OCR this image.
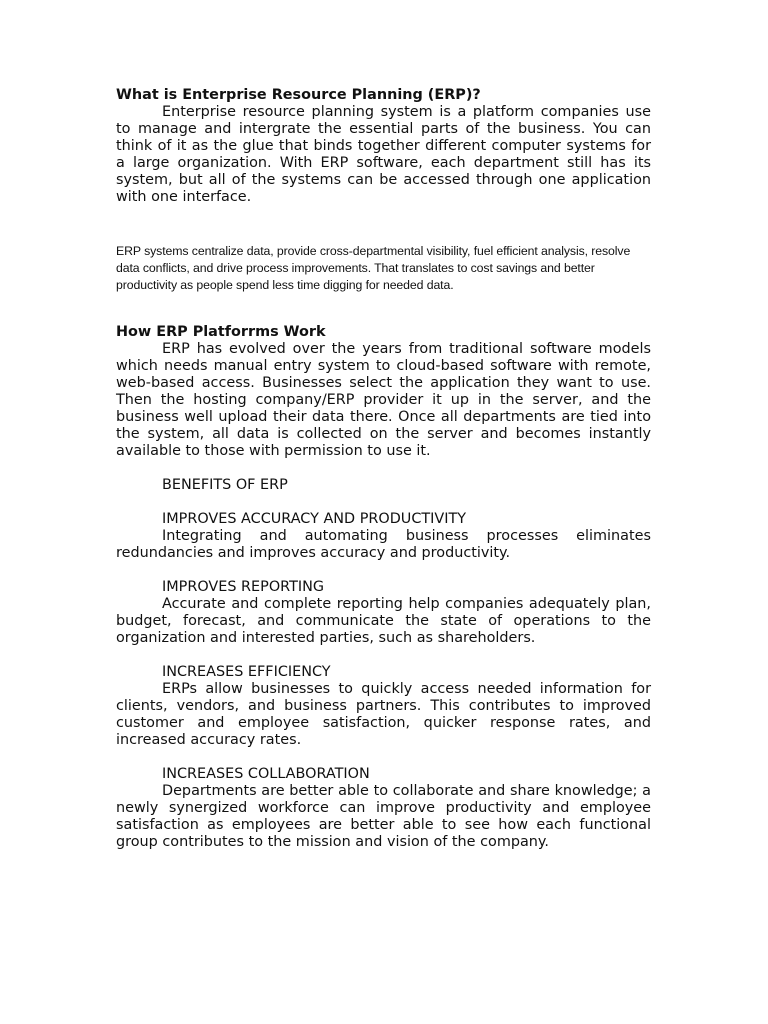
What is Enterprise Resource Planning (ERP)?

Enterprise resource planning system is a platform companies use to manage and intergrate the essential parts of the business. You can think of it as the glue that binds together different computer systems for a large organization. With ERP software, each department still has its system, but all of the systems can be accessed through one application with one interface.

ERP systems centralize data, provide cross-departmental visibility, fuel efficient analysis, resolve data conflicts, and drive process improvements. That translates to cost savings and better productivity as people spend less time digging for needed data.

How ERP Platforrms Work

ERP has evolved over the years from traditional software models which needs manual entry system to cloud-based software with remote, web-based access. Businesses select the application they want to use. Then the hosting company/ERP provider it up in the server, and the business well upload their data there. Once all departments are tied into the system, all data is collected on the server and becomes instantly available to those with permission to use it.

BENEFITS OF ERP

IMPROVES ACCURACY AND PRODUCTIVITY

Integrating and automating business processes eliminates redundancies and improves accuracy and productivity.

IMPROVES REPORTING

Accurate and complete reporting help companies adequately plan, budget, forecast, and communicate the state of operations to the organization and interested parties, such as shareholders.

INCREASES EFFICIENCY

ERPs allow businesses to quickly access needed information for clients, vendors, and business partners. This contributes to improved customer and employee satisfaction, quicker response rates, and increased accuracy rates.

INCREASES COLLABORATION

Departments are better able to collaborate and share knowledge; a newly synergized workforce can improve productivity and employee satisfaction as employees are better able to see how each functional group contributes to the mission and vision of the company.
